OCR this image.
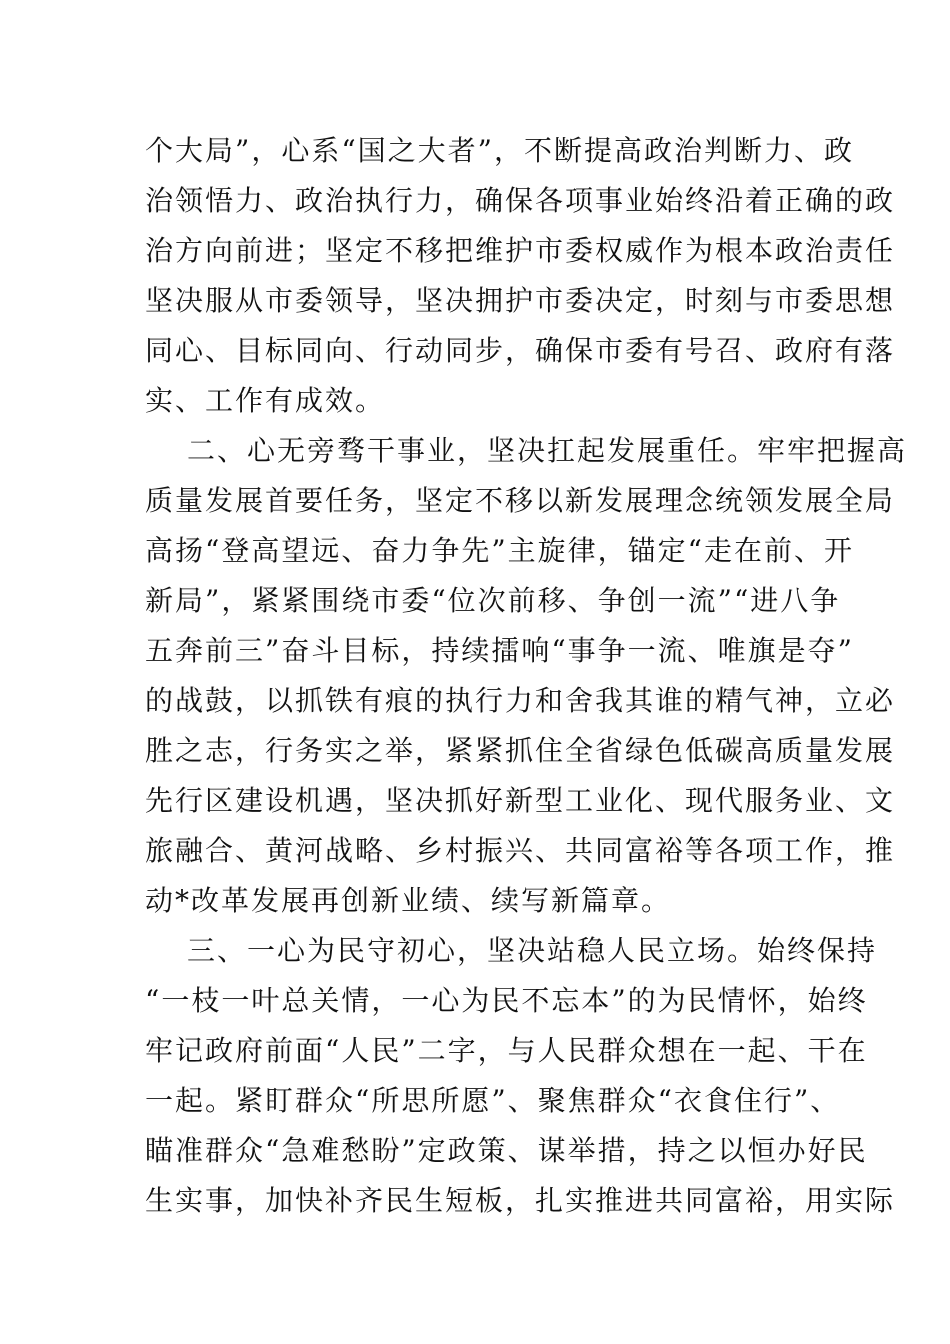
个大局”，心系“国之大者”，不断提高政治判断力、政
治领悟力、政治执行力，确保各项事业始终沿着正确的政
治方向前进；坚定不移把维护市委权威作为根本政治责任
坚决服从市委领导，坚决拥护市委决定，时刻与市委思想
同心、目标同向、行动同步，确保市委有号召、政府有落
实、工作有成效。
二、心无旁骛干事业，坚决扛起发展重任。牢牢把握高
质量发展首要任务，坚定不移以新发展理念统领发展全局
高扬“登高望远、奋力争先”主旋律，锚定“走在前、开
新局”，紧紧围绕市委“位次前移、争创一流”“进八争
五奔前三”奋斗目标，持续擂响“事争一流、唯旗是夺”
的战鼓，以抓铁有痕的执行力和舍我其谁的精气神，立必
胜之志，行务实之举，紧紧抓住全省绿色低碳高质量发展
先行区建设机遇，坚决抓好新型工业化、现代服务业、文
旅融合、黄河战略、乡村振兴、共同富裕等各项工作，推
动*改革发展再创新业绩、续写新篇章。
三、一心为民守初心，坚决站稳人民立场。始终保持
“一枝一叶总关情，一心为民不忘本”的为民情怀，始终
牢记政府前面“人民”二字，与人民群众想在一起、干在
一起。紧盯群众“所思所愿”、聚焦群众“衣食住行”、
瞄准群众“急难愁盼”定政策、谋举措，持之以恒办好民
生实事，加快补齐民生短板，扎实推进共同富裕，用实际
